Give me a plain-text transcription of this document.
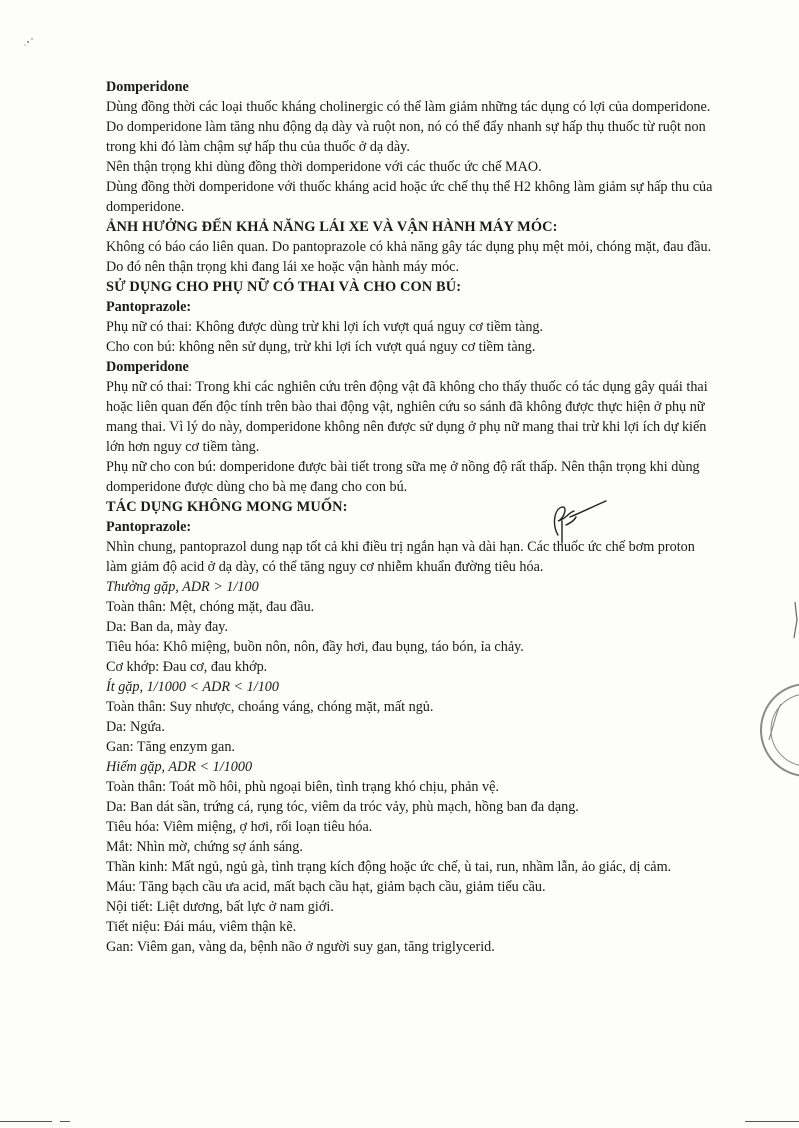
Domperidone

Dùng đồng thời các loại thuốc kháng cholinergic có thể làm giảm những tác dụng có lợi của domperidone.

Do domperidone làm tăng nhu động dạ dày và ruột non, nó có thể đẩy nhanh sự hấp thụ thuốc từ ruột non trong khi đó làm chậm sự hấp thu của thuốc ở dạ dày.

Nên thận trọng khi dùng đồng thời domperidone với các thuốc ức chế MAO.

Dùng đồng thời domperidone với thuốc kháng acid hoặc ức chế thụ thể H2 không làm giảm sự hấp thu của domperidone.

ẢNH HƯỞNG ĐẾN KHẢ NĂNG LÁI XE VÀ VẬN HÀNH MÁY MÓC:

Không có báo cáo liên quan. Do pantoprazole có khả năng gây tác dụng phụ mệt mỏi, chóng mặt, đau đầu. Do đó nên thận trọng khi đang lái xe hoặc vận hành máy móc.

SỬ DỤNG CHO PHỤ NỮ CÓ THAI VÀ CHO CON BÚ:

Pantoprazole:

Phụ nữ có thai: Không được dùng trừ khi lợi ích vượt quá nguy cơ tiềm tàng.

Cho con bú: không nên sử dụng, trừ khi lợi ích vượt quá nguy cơ tiềm tàng.

Domperidone

Phụ nữ có thai: Trong khi các nghiên cứu trên động vật đã không cho thấy thuốc có tác dụng gây quái thai hoặc liên quan đến độc tính trên bào thai động vật, nghiên cứu so sánh đã không được thực hiện ở phụ nữ mang thai. Vì lý do này, domperidone không nên được sử dụng ở phụ nữ mang thai trừ khi lợi ích dự kiến lớn hơn nguy cơ tiềm tàng.

Phụ nữ cho con bú: domperidone được bài tiết trong sữa mẹ ở nồng độ rất thấp. Nên thận trọng khi dùng domperidone được dùng cho bà mẹ đang cho con bú.

TÁC DỤNG KHÔNG MONG MUỐN:

Pantoprazole:

Nhìn chung, pantoprazol dung nạp tốt cả khi điều trị ngắn hạn và dài hạn. Các thuốc ức chế bơm proton làm giảm độ acid ở dạ dày, có thể tăng nguy cơ nhiễm khuẩn đường tiêu hóa.

Thường gặp, ADR > 1/100

Toàn thân: Mệt, chóng mặt, đau đầu.

Da: Ban da, mày đay.

Tiêu hóa: Khô miệng, buồn nôn, nôn, đầy hơi, đau bụng, táo bón, ỉa chảy.

Cơ khớp: Đau cơ, đau khớp.

Ít gặp, 1/1000 < ADR < 1/100

Toàn thân: Suy nhược, choáng váng, chóng mặt, mất ngủ.

Da: Ngứa.

Gan: Tăng enzym gan.

Hiếm gặp, ADR < 1/1000

Toàn thân: Toát mồ hôi, phù ngoại biên, tình trạng khó chịu, phản vệ.

Da: Ban dát sần, trứng cá, rụng tóc, viêm da tróc vảy, phù mạch, hồng ban đa dạng.

Tiêu hóa: Viêm miệng, ợ hơi, rối loạn tiêu hóa.

Mắt: Nhìn mờ, chứng sợ ánh sáng.

Thần kinh: Mất ngủ, ngủ gà, tình trạng kích động hoặc ức chế, ù tai, run, nhầm lẫn, ảo giác, dị cảm.

Máu: Tăng bạch cầu ưa acid, mất bạch cầu hạt, giảm bạch cầu, giảm tiểu cầu.

Nội tiết: Liệt dương, bất lực ở nam giới.

Tiết niệu: Đái máu, viêm thận kẽ.

Gan: Viêm gan, vàng da, bệnh não ở người suy gan, tăng triglycerid.
